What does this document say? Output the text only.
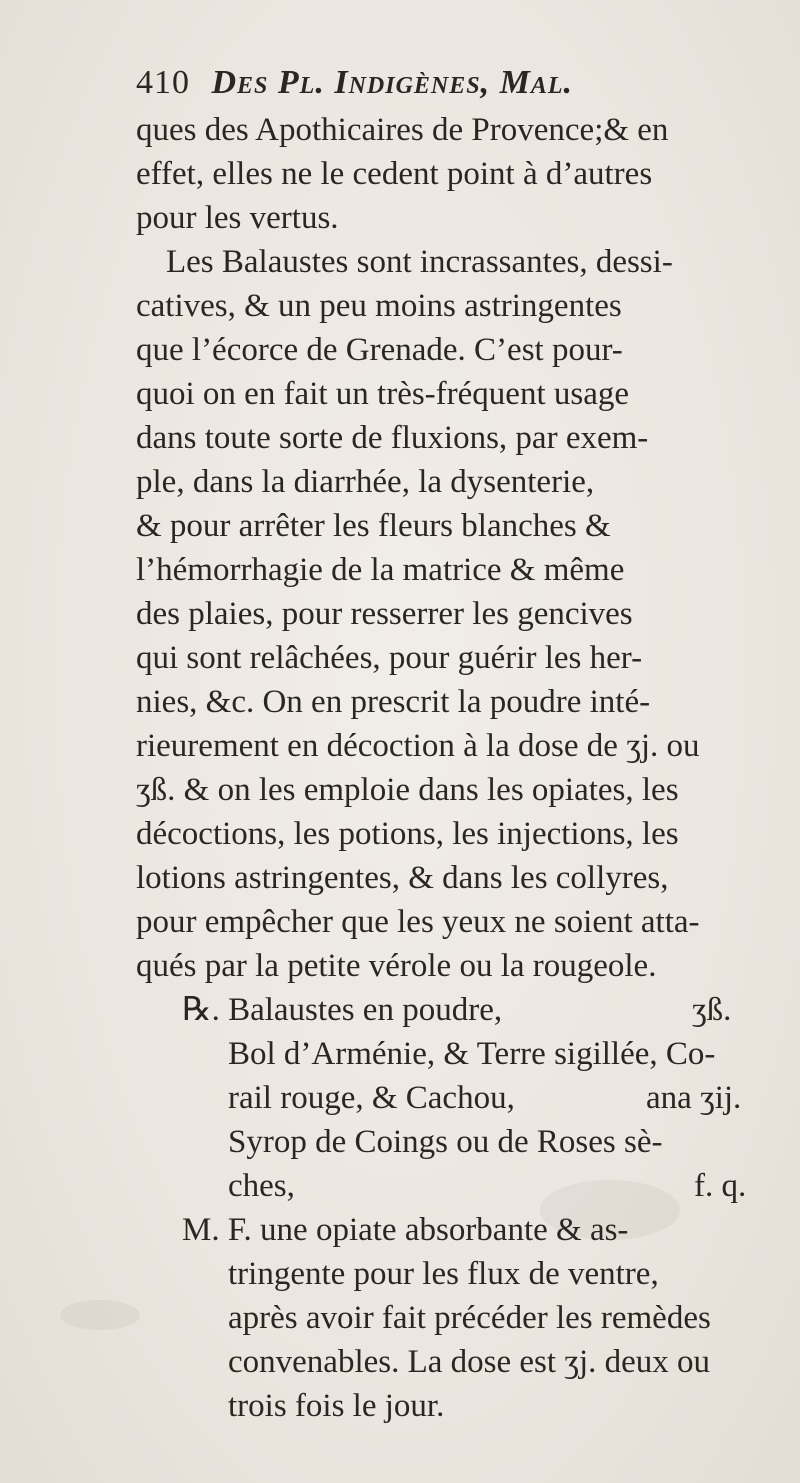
410 Des Pl. Indigènes, Mal.
ques des Apothicaires de Provence;& en
effet, elles ne le cedent point à d’autres
pour les vertus.
Les Balaustes sont incrassantes, dessi-
catives, & un peu moins astringentes
que l’écorce de Grenade. C’est pour-
quoi on en fait un très-fréquent usage
dans toute sorte de fluxions, par exem-
ple, dans la diarrhée, la dysenterie,
& pour arrêter les fleurs blanches &
l’hémorrhagie de la matrice & même
des plaies, pour resserrer les gencives
qui sont relâchées, pour guérir les her-
nies, &c. On en prescrit la poudre inté-
rieurement en décoction à la dose de ʒj. ou
ʒß. & on les emploie dans les opiates, les
décoctions, les potions, les injections, les
lotions astringentes, & dans les collyres,
pour empêcher que les yeux ne soient atta-
qués par la petite vérole ou la rougeole.
℞. Balaustes en poudre,	ʒß.
Bol d’Arménie, & Terre sigillée, Co-
rail rouge, & Cachou,	ana ʒij.
Syrop de Coings ou de Roses sè-
ches,	f. q.
M. F. une opiate absorbante & as-
tringente pour les flux de ventre,
après avoir fait précéder les remèdes
convenables. La dose est ʒj. deux ou
trois fois le jour.
